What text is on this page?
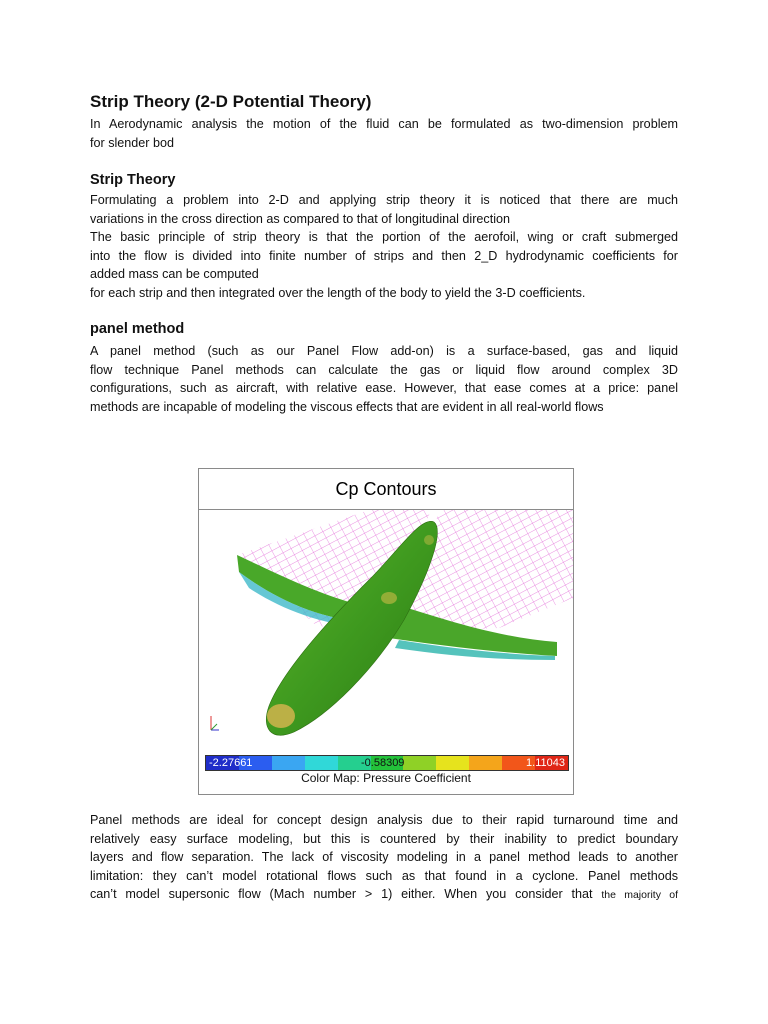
Strip Theory (2-D Potential Theory)
In Aerodynamic analysis the motion of the fluid can be formulated as two-dimension problem
for slender bod
Strip Theory
Formulating a problem into 2-D and applying strip theory it is noticed that there are much
variations in the cross direction as compared to that of longitudinal direction
The basic principle of strip theory is that the portion of the aerofoil, wing or craft submerged
into the flow is divided into finite number of strips and then 2_D hydrodynamic coefficients for
added mass can be computed
for each strip and then integrated over the length of the body to yield the 3-D coefficients.
panel method
A panel method (such as our Panel Flow add-on) is a surface-based, gas and liquid
flow technique Panel methods can calculate the gas or liquid flow around complex 3D
configurations, such as aircraft, with relative ease. However, that ease comes at a price: panel
methods are incapable of modeling the viscous effects that are evident in all real-world flows
Panel methods are ideal for concept design analysis due to their rapid turnaround time and
relatively easy surface modeling, but this is countered by their inability to predict boundary
layers and flow separation. The lack of viscosity modeling in a panel method leads to another
limitation: they can’t model rotational flows such as that found in a cyclone. Panel methods
can’t model supersonic flow (Mach number > 1) either. When you consider that the majority of
Cp Contours
-2.27661	-0.58309	1.11043
Color Map: Pressure Coefficient
